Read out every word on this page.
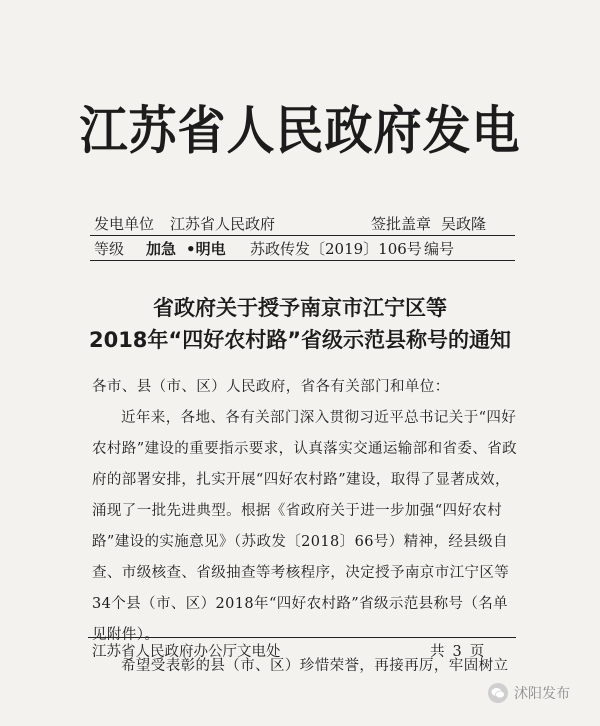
江苏省人民政府发电
发电单位 江苏省人民政府	签批盖章 吴政隆
等级 加急 •明电 苏政传发〔2019〕106号 编号
省政府关于授予南京市江宁区等
2018年“四好农村路”省级示范县称号的通知

各市、县（市、区）人民政府，省各有关部门和单位：

近年来，各地、各有关部门深入贯彻习近平总书记关于“四好农村路”建设的重要指示要求，认真落实交通运输部和省委、省政府的部署安排，扎实开展“四好农村路”建设，取得了显著成效，涌现了一批先进典型。根据《省政府关于进一步加强“四好农村路”建设的实施意见》（苏政发〔2018〕66号）精神，经县级自查、市级核查、省级抽查等考核程序，决定授予南京市江宁区等34个县（市、区）2018年“四好农村路”省级示范县称号（名单见附件）。

希望受表彰的县（市、区）珍惜荣誉，再接再厉，牢固树立

江苏省人民政府办公厅文电处	共 3 页
沭阳发布
